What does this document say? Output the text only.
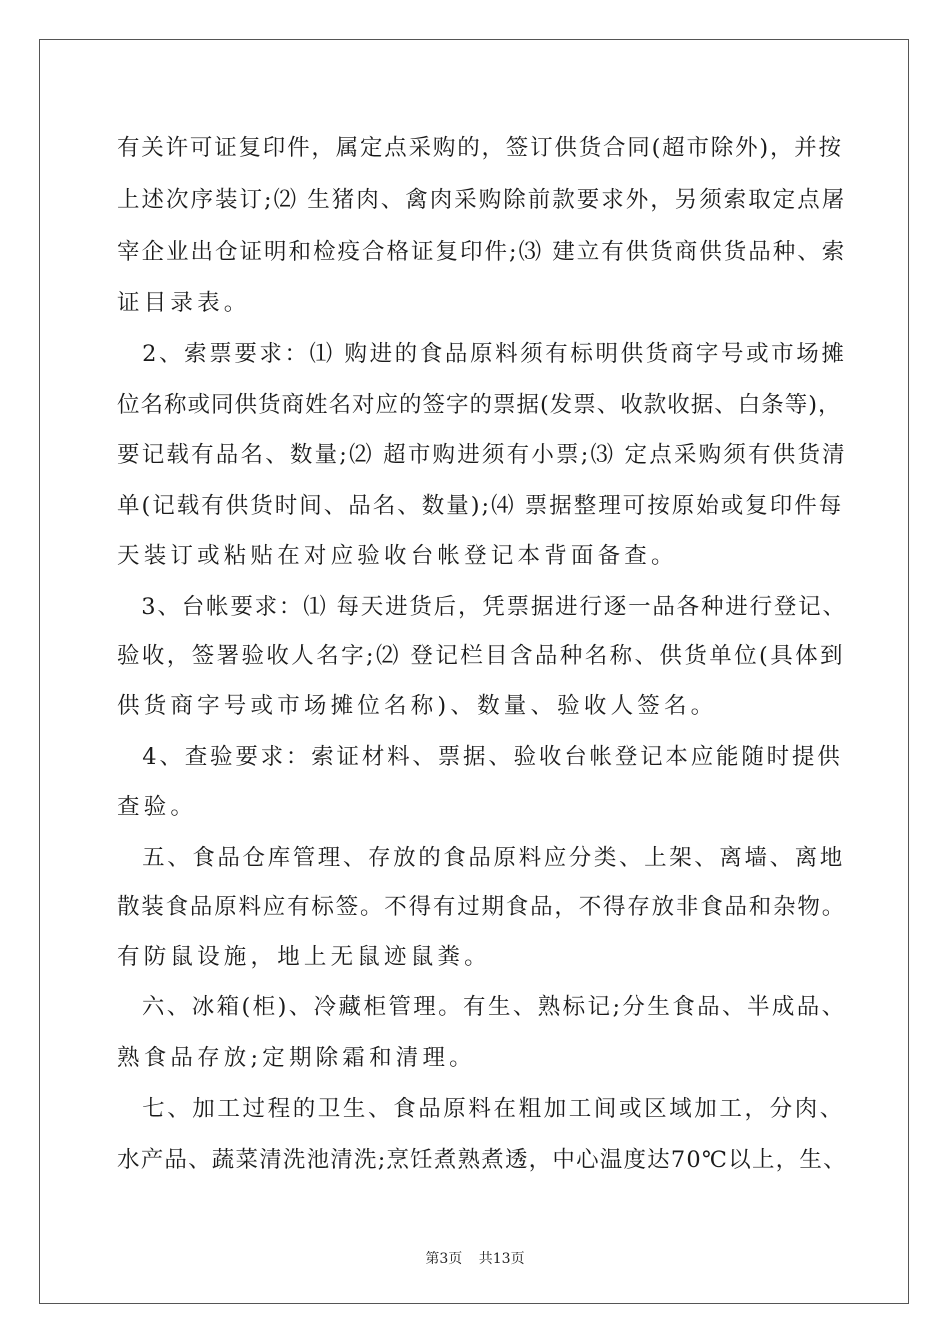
有关许可证复印件，属定点采购的，签订供货合同(超市除外)，并按
上述次序装订;⑵ 生猪肉、禽肉采购除前款要求外，另须索取定点屠
宰企业出仓证明和检疫合格证复印件;⑶ 建立有供货商供货品种、索
证目录表。
　2、索票要求：⑴ 购进的食品原料须有标明供货商字号或市场摊
位名称或同供货商姓名对应的签字的票据(发票、收款收据、白条等)，
要记载有品名、数量;⑵ 超市购进须有小票;⑶ 定点采购须有供货清
单(记载有供货时间、品名、数量);⑷ 票据整理可按原始或复印件每
天装订或粘贴在对应验收台帐登记本背面备查。
　3、台帐要求：⑴ 每天进货后，凭票据进行逐一品各种进行登记、
验收，签署验收人名字;⑵ 登记栏目含品种名称、供货单位(具体到
供货商字号或市场摊位名称)、数量、验收人签名。
　4、查验要求：索证材料、票据、验收台帐登记本应能随时提供
查验。
　五、食品仓库管理、存放的食品原料应分类、上架、离墙、离地
散装食品原料应有标签。不得有过期食品，不得存放非食品和杂物。
有防鼠设施，地上无鼠迹鼠粪。
　六、冰箱(柜)、冷藏柜管理。有生、熟标记;分生食品、半成品、
熟食品存放;定期除霜和清理。
　七、加工过程的卫生、食品原料在粗加工间或区域加工，分肉、
水产品、蔬菜清洗池清洗;烹饪煮熟煮透，中心温度达70℃以上，生、
第3页 共13页
